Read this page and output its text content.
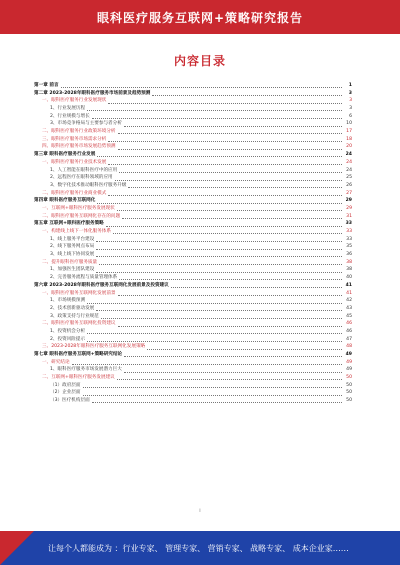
眼科医疗服务互联网+策略研究报告
内容目录
第一章 前言	1
第二章 2023-2028年眼科医疗服务市场前景及趋势预测	3
一、眼科医疗服务行业发展现状	3
1、行业发展历程	3
2、行业规模与增长	6
3、市场竞争格局与主要参与者分析	10
二、眼科医疗服务行业政策环境分析	17
三、眼科医疗服务市场需求分析	18
四、眼科医疗服务市场发展趋势预测	20
第三章 眼科医疗服务行业发展	24
一、眼科医疗服务行业技术发展	24
1、人工智能在眼科医疗中的应用	24
2、远程医疗在眼科领域的应用	25
3、数字化技术推动眼科医疗服务升级	26
二、眼科医疗服务行业商业模式	27
第四章 眼科医疗服务互联网化	29
一、互联网+眼科医疗服务发展现状	29
二、眼科医疗服务互联网化存在的问题	31
第五章 互联网+眼科医疗服务策略	33
一、构建线上线下一体化服务体系	33
1、线上服务平台建设	33
2、线下服务网点布局	35
3、线上线下协同发展	36
二、提升眼科医疗服务质量	38
1、加强医生团队建设	38
2、完善服务流程与质量管理体系	40
第六章 2023-2028年眼科医疗服务互联网化发展前景及投资建议	41
一、眼科医疗服务互联网化发展前景	41
1、市场规模预测	42
2、技术创新驱动发展	43
3、政策支持与行业规范	45
二、眼科医疗服务互联网化投资建议	46
1、投资机会分析	46
2、投资风险提示	47
三、2023-2028年眼科医疗服务互联网化发展策略	48
第七章 眼科医疗服务互联网+策略研究结论	49
一、研究结论	49
1、眼科医疗服务市场发展潜力巨大	49
二、互联网+眼科医疗服务发展建议	50
（1）政府层面	50
（2）企业层面	50
（3）医疗机构层面	50
I
让每个人都能成为 ：行业专家、 管理专家、 营销专家、 战略专家、 成本企业家……
